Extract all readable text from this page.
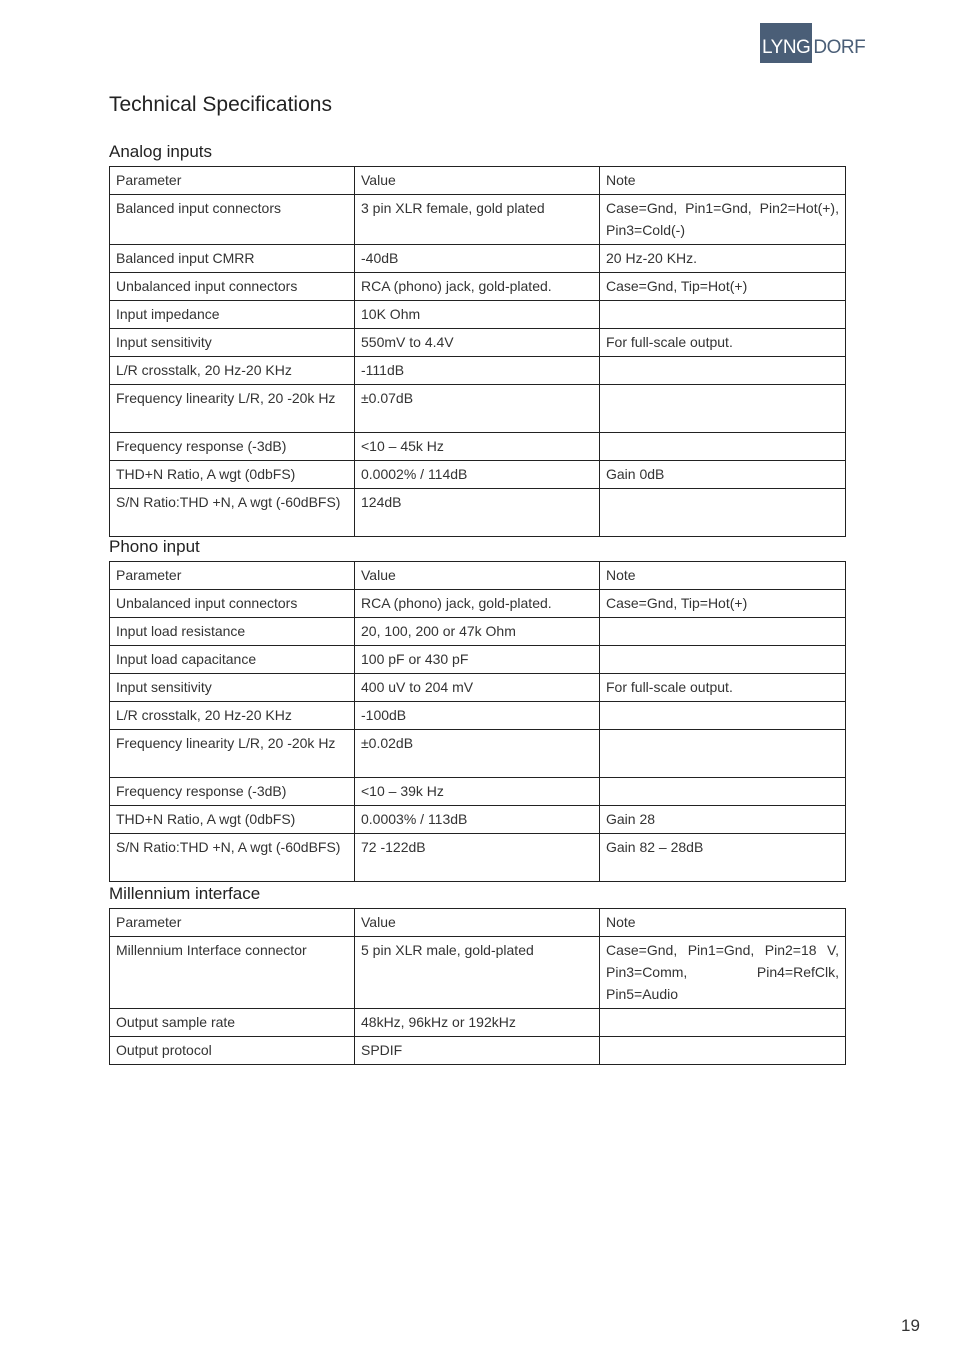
LYNG DORF
Technical Specifications
Analog inputs
Parameter	Value	Note
Balanced input connectors	3 pin XLR female, gold plated	Case=Gnd, Pin1=Gnd, Pin2=Hot(+), Pin3=Cold(-)
Balanced input CMRR	-40dB	20 Hz-20 KHz.
Unbalanced input connectors	RCA (phono) jack, gold-plated.	Case=Gnd, Tip=Hot(+)
Input impedance	10K Ohm	
Input sensitivity	550mV to 4.4V	For full-scale output.
L/R crosstalk, 20 Hz-20 KHz	-111dB	
Frequency linearity L/R, 20 -20k Hz	±0.07dB	
Frequency response (-3dB)	<10 – 45k Hz	
THD+N Ratio, A wgt (0dbFS)	0.0002% / 114dB	Gain 0dB
S/N Ratio:THD +N, A wgt (-60dBFS)	124dB	
Phono input
Parameter	Value	Note
Unbalanced input connectors	RCA (phono) jack, gold-plated.	Case=Gnd, Tip=Hot(+)
Input load resistance	20, 100, 200 or 47k Ohm	
Input load capacitance	100 pF or 430 pF	
Input sensitivity	400 uV to 204 mV	For full-scale output.
L/R crosstalk, 20 Hz-20 KHz	-100dB	
Frequency linearity L/R, 20 -20k Hz	±0.02dB	
Frequency response (-3dB)	<10 – 39k Hz	
THD+N Ratio, A wgt (0dbFS)	0.0003% / 113dB	Gain 28
S/N Ratio:THD +N, A wgt (-60dBFS)	72 -122dB	Gain 82 – 28dB
Millennium interface
Parameter	Value	Note
Millennium Interface connector	5 pin XLR male, gold-plated	Case=Gnd, Pin1=Gnd, Pin2=18 V, Pin3=Comm, Pin4=RefClk, Pin5=Audio
Output sample rate	48kHz, 96kHz or 192kHz	
Output protocol	SPDIF	
19
